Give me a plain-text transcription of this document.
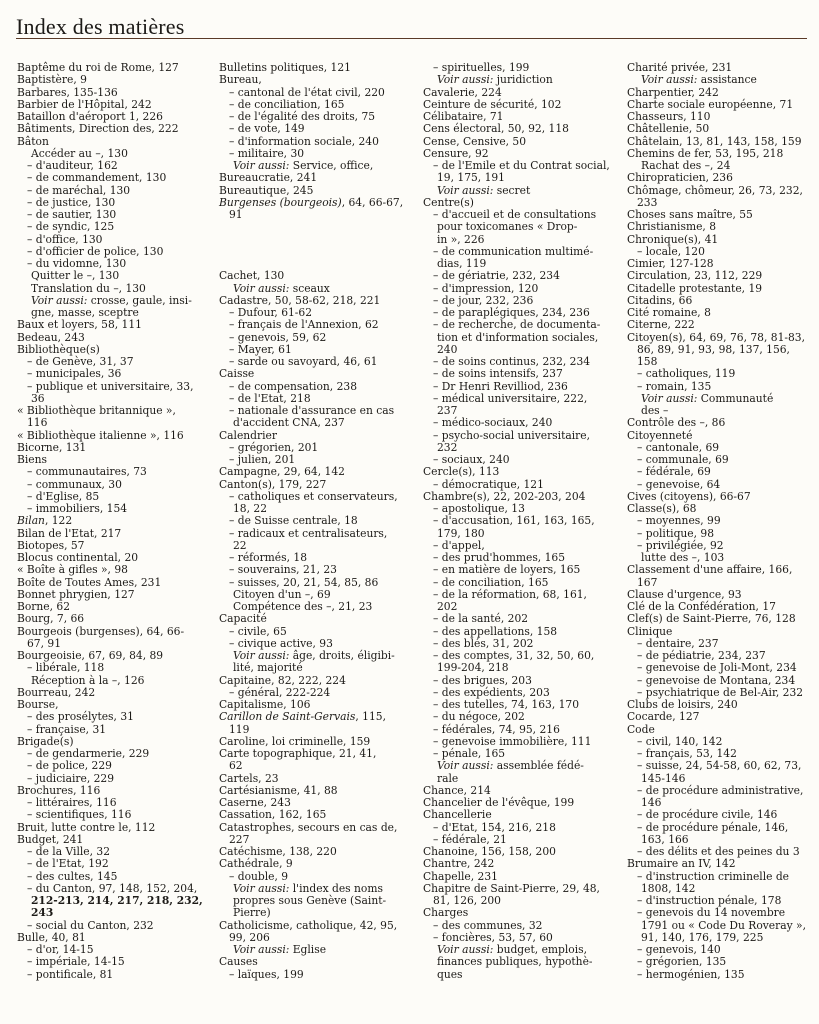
Index des matières
Baptême du roi de Rome, 127
Baptistère, 9
Barbares, 135-136
Barbier de l'Hôpital, 242
Bataillon d'aéroport 1, 226
Bâtiments, Direction des, 222
Bâton
Accéder au –, 130
– d'auditeur, 162
– de commandement, 130
– de maréchal, 130
– de justice, 130
– de sautier, 130
– de syndic, 125
– d'office, 130
– d'officier de police, 130
– du vidomne, 130
Quitter le –, 130
Translation du –, 130
Voir aussi: crosse, gaule, insi-
gne, masse, sceptre
Baux et loyers, 58, 111
Bedeau, 243
Bibliothèque(s)
– de Genève, 31, 37
– municipales, 36
– publique et universitaire, 33,
36
« Bibliothèque britannique »,
116
« Bibliothèque italienne », 116
Bicorne, 131
Biens
– communautaires, 73
– communaux, 30
– d'Eglise, 85
– immobiliers, 154
Bilan, 122
Bilan de l'Etat, 217
Biotopes, 57
Blocus continental, 20
« Boîte à gifles », 98
Boîte de Toutes Ames, 231
Bonnet phrygien, 127
Borne, 62
Bourg, 7, 66
Bourgeois (burgenses), 64, 66-
67, 91
Bourgeoisie, 67, 69, 84, 89
– libérale, 118
Réception à la –, 126
Bourreau, 242
Bourse,
– des prosélytes, 31
– française, 31
Brigade(s)
– de gendarmerie, 229
– de police, 229
– judiciaire, 229
Brochures, 116
– littéraires, 116
– scientifiques, 116
Bruit, lutte contre le, 112
Budget, 241
– de la Ville, 32
– de l'Etat, 192
– des cultes, 145
– du Canton, 97, 148, 152, 204,
212-213, 214, 217, 218, 232,
243
– social du Canton, 232
Bulle, 40, 81
– d'or, 14-15
– impériale, 14-15
– pontificale, 81
Bulletins politiques, 121
Bureau,
– cantonal de l'état civil, 220
– de conciliation, 165
– de l'égalité des droits, 75
– de vote, 149
– d'information sociale, 240
– militaire, 30
Voir aussi: Service, office,
Bureaucratie, 241
Bureautique, 245
Burgenses (bourgeois), 64, 66-67,
91
Cachet, 130
Voir aussi: sceaux
Cadastre, 50, 58-62, 218, 221
– Dufour, 61-62
– français de l'Annexion, 62
– genevois, 59, 62
– Mayer, 61
– sarde ou savoyard, 46, 61
Caisse
– de compensation, 238
– de l'Etat, 218
– nationale d'assurance en cas
d'accident CNA, 237
Calendrier
– grégorien, 201
– julien, 201
Campagne, 29, 64, 142
Canton(s), 179, 227
– catholiques et conservateurs,
18, 22
– de Suisse centrale, 18
– radicaux et centralisateurs,
22
– réformés, 18
– souverains, 21, 23
– suisses, 20, 21, 54, 85, 86
Citoyen d'un –, 69
Compétence des –, 21, 23
Capacité
– civile, 65
– civique active, 93
Voir aussi: âge, droits, éligibi-
lité, majorité
Capitaine, 82, 222, 224
– général, 222-224
Capitalisme, 106
Carillon de Saint-Gervais, 115,
119
Caroline, loi criminelle, 159
Carte topographique, 21, 41,
62
Cartels, 23
Cartésianisme, 41, 88
Caserne, 243
Cassation, 162, 165
Catastrophes, secours en cas de,
227
Catéchisme, 138, 220
Cathédrale, 9
– double, 9
Voir aussi: l'index des noms
propres sous Genève (Saint-
Pierre)
Catholicisme, catholique, 42, 95,
99, 206
Voir aussi: Eglise
Causes
– laïques, 199
– spirituelles, 199
Voir aussi: juridiction
Cavalerie, 224
Ceinture de sécurité, 102
Célibataire, 71
Cens électoral, 50, 92, 118
Cense, Censive, 50
Censure, 92
– de l'Emile et du Contrat social,
19, 175, 191
Voir aussi: secret
Centre(s)
– d'accueil et de consultations
pour toxicomanes « Drop-
in », 226
– de communication multimé-
dias, 119
– de gériatrie, 232, 234
– d'impression, 120
– de jour, 232, 236
– de paraplégiques, 234, 236
– de recherche, de documenta-
tion et d'information sociales,
240
– de soins continus, 232, 234
– de soins intensifs, 237
– Dr Henri Revilliod, 236
– médical universitaire, 222,
237
– médico-sociaux, 240
– psycho-social universitaire,
232
– sociaux, 240
Cercle(s), 113
– démocratique, 121
Chambre(s), 22, 202-203, 204
– apostolique, 13
– d'accusation, 161, 163, 165,
179, 180
– d'appel,
– des prud'hommes, 165
– en matière de loyers, 165
– de conciliation, 165
– de la réformation, 68, 161,
202
– de la santé, 202
– des appellations, 158
– des blés, 31, 202
– des comptes, 31, 32, 50, 60,
199-204, 218
– des brigues, 203
– des expédients, 203
– des tutelles, 74, 163, 170
– du négoce, 202
– fédérales, 74, 95, 216
– genevoise immobilière, 111
– pénale, 165
Voir aussi: assemblée fédé-
rale
Chance, 214
Chancelier de l'évêque, 199
Chancellerie
– d'Etat, 154, 216, 218
– fédérale, 21
Chanoine, 156, 158, 200
Chantre, 242
Chapelle, 231
Chapitre de Saint-Pierre, 29, 48,
81, 126, 200
Charges
– des communes, 32
– foncières, 53, 57, 60
Voir aussi: budget, emplois,
finances publiques, hypothè-
ques
Charité privée, 231
Voir aussi: assistance
Charpentier, 242
Charte sociale européenne, 71
Chasseurs, 110
Châtellenie, 50
Châtelain, 13, 81, 143, 158, 159
Chemins de fer, 53, 195, 218
Rachat des –, 24
Chiropraticien, 236
Chômage, chômeur, 26, 73, 232,
233
Choses sans maître, 55
Christianisme, 8
Chronique(s), 41
– locale, 120
Cimier, 127-128
Circulation, 23, 112, 229
Citadelle protestante, 19
Citadins, 66
Cité romaine, 8
Citerne, 222
Citoyen(s), 64, 69, 76, 78, 81-83,
86, 89, 91, 93, 98, 137, 156,
158
– catholiques, 119
– romain, 135
Voir aussi: Communauté
des –
Contrôle des –, 86
Citoyenneté
– cantonale, 69
– communale, 69
– fédérale, 69
– genevoise, 64
Cives (citoyens), 66-67
Classe(s), 68
– moyennes, 99
– politique, 98
– privilégiée, 92
lutte des –, 103
Classement d'une affaire, 166,
167
Clause d'urgence, 93
Clé de la Confédération, 17
Clef(s) de Saint-Pierre, 76, 128
Clinique
– dentaire, 237
– de pédiatrie, 234, 237
– genevoise de Joli-Mont, 234
– genevoise de Montana, 234
– psychiatrique de Bel-Air, 232
Clubs de loisirs, 240
Cocarde, 127
Code
– civil, 140, 142
– français, 53, 142
– suisse, 24, 54-58, 60, 62, 73,
145-146
– de procédure administrative,
146
– de procédure civile, 146
– de procédure pénale, 146,
163, 166
– des délits et des peines du 3
Brumaire an IV, 142
– d'instruction criminelle de
1808, 142
– d'instruction pénale, 178
– genevois du 14 novembre
1791 ou « Code Du Roveray »,
91, 140, 176, 179, 225
– genevois, 140
– grégorien, 135
– hermogénien, 135
